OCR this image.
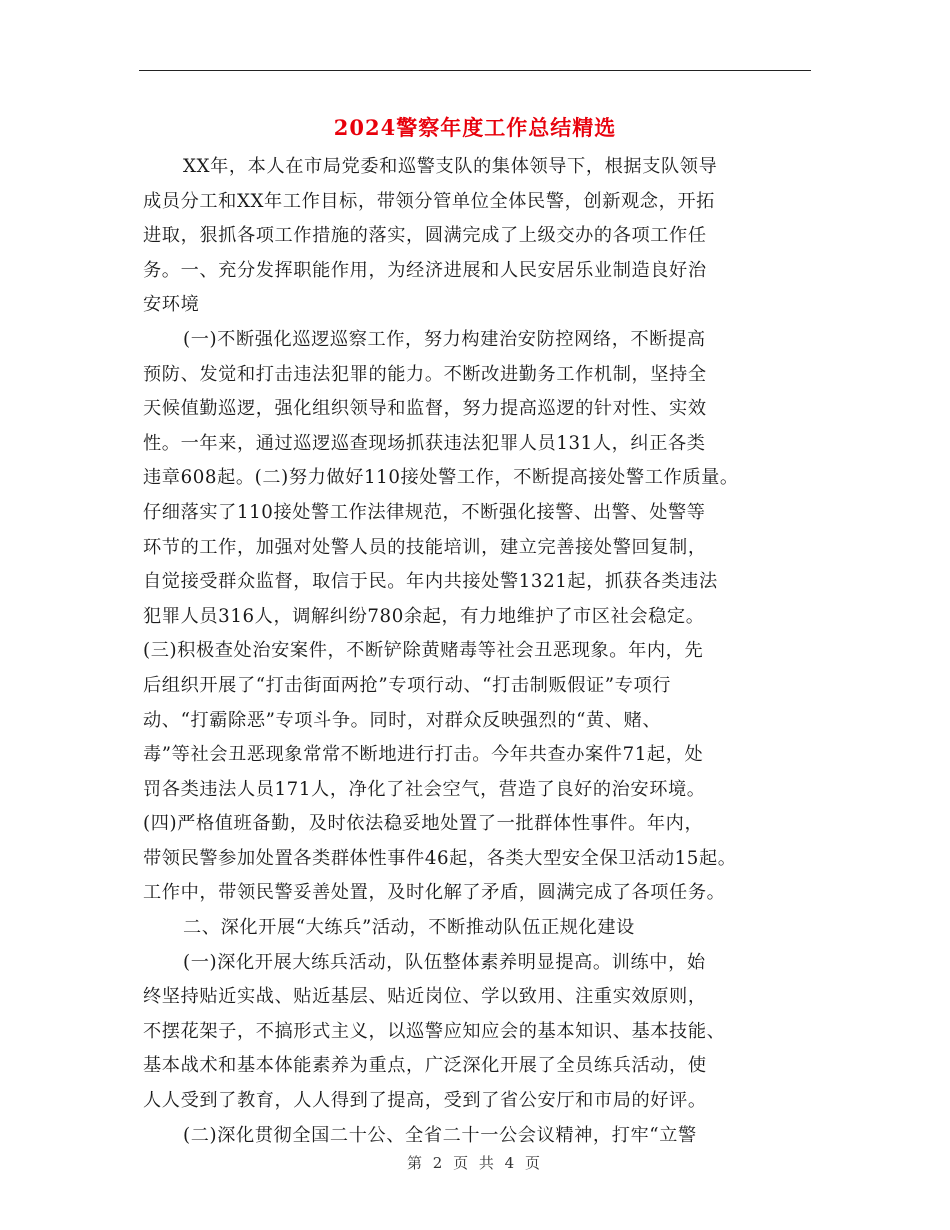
2024警察年度工作总结精选
XX年，本人在市局党委和巡警支队的集体领导下，根据支队领导
成员分工和XX年工作目标，带领分管单位全体民警，创新观念，开拓
进取，狠抓各项工作措施的落实，圆满完成了上级交办的各项工作任
务。一、充分发挥职能作用，为经济进展和人民安居乐业制造良好治
安环境
(一)不断强化巡逻巡察工作，努力构建治安防控网络，不断提高
预防、发觉和打击违法犯罪的能力。不断改进勤务工作机制，坚持全
天候值勤巡逻，强化组织领导和监督，努力提高巡逻的针对性、实效
性。一年来，通过巡逻巡查现场抓获违法犯罪人员131人，纠正各类
违章608起。(二)努力做好110接处警工作，不断提高接处警工作质量。
仔细落实了110接处警工作法律规范，不断强化接警、出警、处警等
环节的工作，加强对处警人员的技能培训，建立完善接处警回复制，
自觉接受群众监督，取信于民。年内共接处警1321起，抓获各类违法
犯罪人员316人，调解纠纷780余起，有力地维护了市区社会稳定。
(三)积极查处治安案件，不断铲除黄赌毒等社会丑恶现象。年内，先
后组织开展了“打击街面两抢”专项行动、“打击制贩假证”专项行
动、“打霸除恶”专项斗争。同时，对群众反映强烈的“黄、赌、
毒”等社会丑恶现象常常不断地进行打击。今年共查办案件71起，处
罚各类违法人员171人，净化了社会空气，营造了良好的治安环境。
(四)严格值班备勤，及时依法稳妥地处置了一批群体性事件。年内，
带领民警参加处置各类群体性事件46起，各类大型安全保卫活动15起。
工作中，带领民警妥善处置，及时化解了矛盾，圆满完成了各项任务。
二、深化开展“大练兵”活动，不断推动队伍正规化建设
(一)深化开展大练兵活动，队伍整体素养明显提高。训练中，始
终坚持贴近实战、贴近基层、贴近岗位、学以致用、注重实效原则，
不摆花架子，不搞形式主义，以巡警应知应会的基本知识、基本技能、
基本战术和基本体能素养为重点，广泛深化开展了全员练兵活动，使
人人受到了教育，人人得到了提高，受到了省公安厅和市局的好评。
(二)深化贯彻全国二十公、全省二十一公会议精神，打牢“立警
第 2 页 共 4 页
